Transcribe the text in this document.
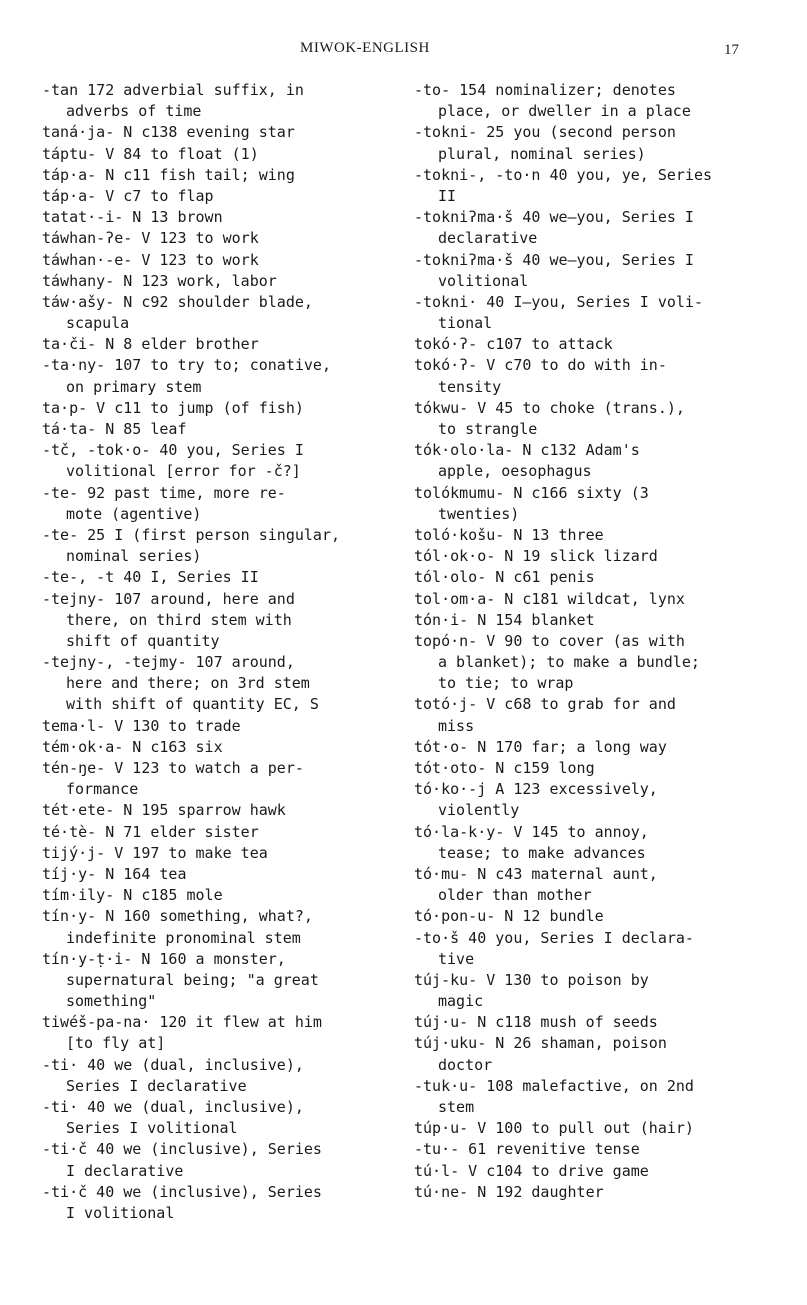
MIWOK-ENGLISH	17
-tan 172 adverbial suffix, in
adverbs of time
taná·ja- N c138 evening star
táptu- V 84 to float (1)
táp·a- N c11 fish tail; wing
táp·a- V c7 to flap
tatat·-i- N 13 brown
táwhan-ʔe- V 123 to work
táwhan·-e- V 123 to work
táwhany- N 123 work, labor
táw·ašy- N c92 shoulder blade,
scapula
ta·či- N 8 elder brother
-ta·ny- 107 to try to; conative,
on primary stem
ta·p- V c11 to jump (of fish)
tá·ta- N 85 leaf
-tč, -tok·o- 40 you, Series I
volitional [error for -č?]
-te- 92 past time, more re-
mote (agentive)
-te- 25 I (first person singular,
nominal series)
-te-, -t 40 I, Series II
-tejny- 107 around, here and
there, on third stem with
shift of quantity
-tejny-, -tejmy- 107 around,
here and there; on 3rd stem
with shift of quantity EC, S
tema·l- V 130 to trade
tém·ok·a- N c163 six
tén-ŋe- V 123 to watch a per-
formance
tét·ete- N 195 sparrow hawk
té·tè- N 71 elder sister
tijý·j- V 197 to make tea
tíj·y- N 164 tea
tím·ily- N c185 mole
tín·y- N 160 something, what?,
indefinite pronominal stem
tín·y-ṭ·i- N 160 a monster,
supernatural being; "a great
something"
tiwéš-pa-na· 120 it flew at him
[to fly at]
-ti· 40 we (dual, inclusive),
Series I declarative
-ti· 40 we (dual, inclusive),
Series I volitional
-ti·č 40 we (inclusive), Series
I declarative
-ti·č 40 we (inclusive), Series
I volitional
-to- 154 nominalizer; denotes
place, or dweller in a place
-tokni- 25 you (second person
plural, nominal series)
-tokni-, -to·n 40 you, ye, Series
II
-tokniʔma·š 40 we—you, Series I
declarative
-tokniʔma·š 40 we—you, Series I
volitional
-tokni· 40 I—you, Series I voli-
tional
tokó·ʔ- c107 to attack
tokó·ʔ- V c70 to do with in-
tensity
tókwu- V 45 to choke (trans.),
to strangle
tók·olo·la- N c132 Adam's
apple, oesophagus
tolókmumu- N c166 sixty (3
twenties)
toló·košu- N 13 three
tól·ok·o- N 19 slick lizard
tól·olo- N c61 penis
tol·om·a- N c181 wildcat, lynx
tón·i- N 154 blanket
topó·n- V 90 to cover (as with
a blanket); to make a bundle;
to tie; to wrap
totó·j- V c68 to grab for and
miss
tót·o- N 170 far; a long way
tót·oto- N c159 long
tó·ko·-j A 123 excessively,
violently
tó·la-k·y- V 145 to annoy,
tease; to make advances
tó·mu- N c43 maternal aunt,
older than mother
tó·pon-u- N 12 bundle
-to·š 40 you, Series I declara-
tive
túj-ku- V 130 to poison by
magic
túj·u- N c118 mush of seeds
túj·uku- N 26 shaman, poison
doctor
-tuk·u- 108 malefactive, on 2nd
stem
túp·u- V 100 to pull out (hair)
-tu·- 61 revenitive tense
tú·l- V c104 to drive game
tú·ne- N 192 daughter
